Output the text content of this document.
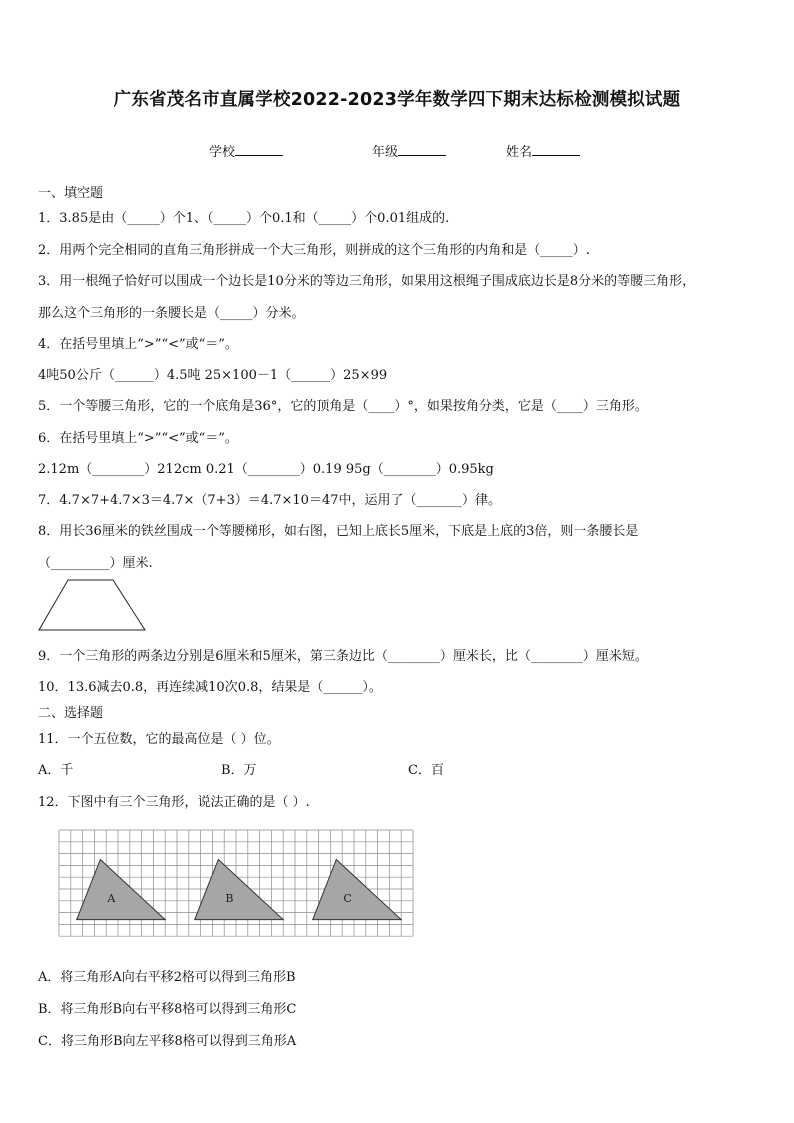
广东省茂名市直属学校2022-2023学年数学四下期末达标检测模拟试题
学校	年级	姓名
一、填空题
1．3.85是由（_____）个1、（_____）个0.1和（_____）个0.01组成的.
2．用两个完全相同的直角三角形拼成一个大三角形，则拼成的这个三角形的内角和是（_____）.
3．用一根绳子恰好可以围成一个边长是10分米的等边三角形，如果用这根绳子围成底边长是8分米的等腰三角形，
那么这个三角形的一条腰长是（_____）分米。
4．在括号里填上“>”“<”或“＝”。
4吨50公斤（______）4.5吨 25×100－1（______）25×99
5．一个等腰三角形，它的一个底角是36°，它的顶角是（____）°，如果按角分类，它是（____）三角形。
6．在括号里填上“>”“<”或“＝”。
2.12m（________）212cm 0.21（________）0.19 95g（________）0.95kg
7．4.7×7+4.7×3＝4.7×（7+3）＝4.7×10＝47中，运用了（_______）律。
8．用长36厘米的铁丝围成一个等腰梯形，如右图，已知上底长5厘米，下底是上底的3倍，则一条腰长是
（_________）厘米.
9．一个三角形的两条边分别是6厘米和5厘米，第三条边比（________）厘米长，比（________）厘米短。
10．13.6减去0.8，再连续减10次0.8，结果是（______）。
二、选择题
11．一个五位数，它的最高位是（ ）位。
A．千	B．万	C．百
12．下图中有三个三角形，说法正确的是（ ）.
A	B	C
A．将三角形A向右平移2格可以得到三角形B
B．将三角形B向右平移8格可以得到三角形C
C．将三角形B向左平移8格可以得到三角形A
